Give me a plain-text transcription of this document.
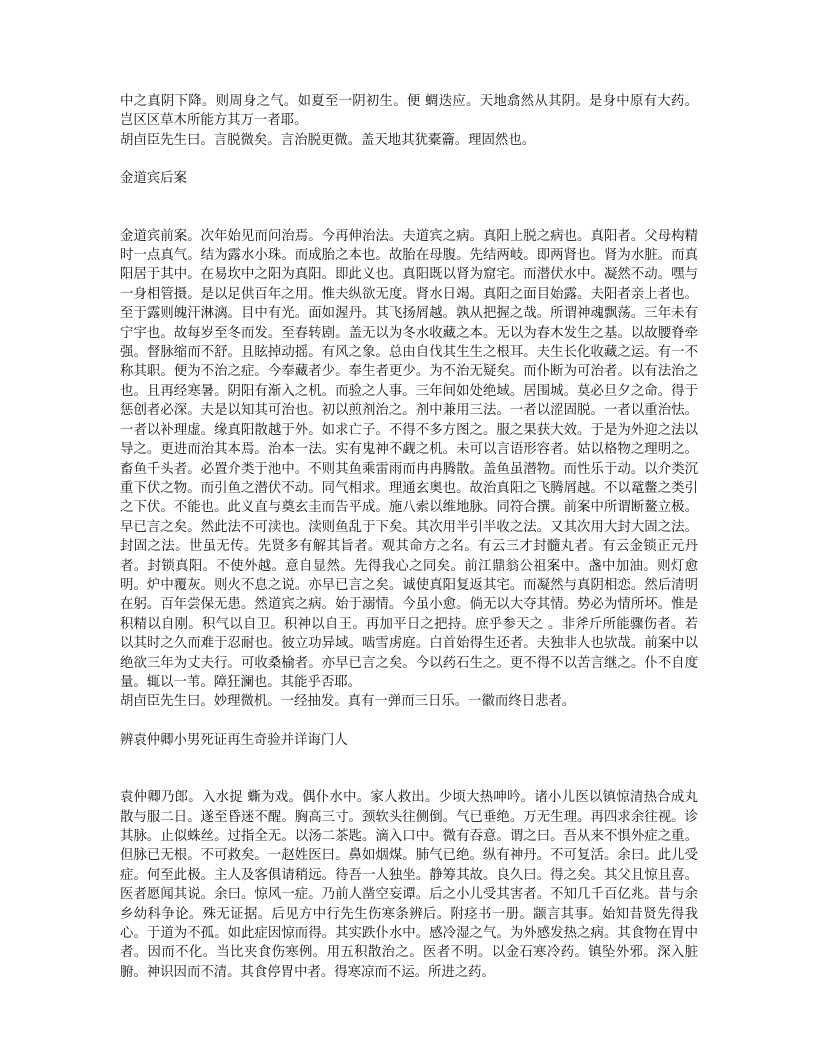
中之真阴下降。则周身之气。如夏至一阴初生。便 蜩迭应。天地翕然从其阴。是身中原有大药。岂区区草木所能方其万一者耶。

胡卣臣先生曰。言脱微矣。言治脱更微。盖天地其犹橐籥。理固然也。

金道宾后案

金道宾前案。次年始见而问治焉。今再伸治法。夫道宾之病。真阳上脱之病也。真阳者。父母构精时一点真气。结为露水小珠。而成胎之本也。故胎在母腹。先结两岐。即两肾也。肾为水脏。而真阳居于其中。在易坎中之阳为真阳。即此义也。真阳既以肾为窟宅。而潜伏水中。凝然不动。嘿与一身相管摄。是以足供百年之用。惟夫纵欲无度。肾水日竭。真阳之面目始露。夫阳者亲上者也。至于露则魄汗淋漓。目中有光。面如渥丹。其飞扬屑越。孰从把握之哉。所谓神魂飘荡。三年未有宁宇也。故每岁至冬而发。至春转剧。盖无以为冬水收藏之本。无以为春木发生之基。以故腰脊牵强。督脉缩而不舒。且眩掉动摇。有风之象。总由自伐其生生之根耳。夫生长化收藏之运。有一不称其职。便为不治之症。今奉藏者少。奉生者更少。为不治无疑矣。而仆断为可治者。以有法治之也。且再经寒暑。阴阳有渐入之机。而验之人事。三年间如处绝域。居围城。莫必旦夕之命。得于惩创者必深。夫是以知其可治也。初以煎剂治之。剂中兼用三法。一者以涩固脱。一者以重治怯。一者以补理虚。缘真阳散越于外。如求亡子。不得不多方图之。服之果获大效。于是为外迎之法以导之。更进而治其本焉。治本一法。实有鬼神不觑之机。未可以言语形容者。姑以格物之理明之。畜鱼千头者。必置介类于池中。不则其鱼乘雷雨而冉冉腾散。盖鱼虽潜物。而性乐于动。以介类沉重下伏之物。而引鱼之潜伏不动。同气相求。理通玄奥也。故治真阳之飞腾屑越。不以鼋鳖之类引之下伏。不能也。此义直与奠玄圭而告平成。施八索以维地脉。同符合撰。前案中所谓断鳌立极。早已言之矣。然此法不可渎也。渎则鱼乱于下矣。其次用半引半收之法。又其次用大封大固之法。封固之法。世虽无传。先贤多有解其旨者。观其命方之名。有云三才封髓丸者。有云金锁正元丹者。封锁真阳。不使外越。意自显然。先得我心之同矣。前江鼎翁公祖案中。盏中加油。则灯愈明。炉中覆灰。则火不息之说。亦早已言之矣。诚使真阳复返其宅。而凝然与真阴相恋。然后清明在躬。百年尝保无患。然道宾之病。始于溺情。今虽小愈。倘无以大夺其情。势必为情所坏。惟是积精以自刚。积气以自卫。积神以自王。再加平日之把持。庶乎参天之 。非斧斤所能骤伤者。若以其时之久而难于忍耐也。彼立功异域。啮雪虏庭。白首始得生还者。夫独非人也欤哉。前案中以绝欲三年为丈夫行。可收桑榆者。亦早已言之矣。今以药石生之。更不得不以苦言继之。仆不自度量。辄以一苇。障狂澜也。其能乎否耶。

胡卣臣先生曰。妙理微机。一经抽发。真有一弹而三日乐。一徽而终日悲者。

辨袁仲卿小男死证再生奇验并详诲门人

袁仲卿乃郎。入水捉 蟖为戏。偶仆水中。家人救出。少顷大热呻吟。诸小儿医以镇惊清热合成丸散与服二日。遂至昏迷不醒。胸高三寸。颈软头往侧倒。气已垂绝。万无生理。再四求余往视。诊其脉。止似蛛丝。过指全无。以汤二茶匙。滴入口中。微有吞意。谓之曰。吾从来不惧外症之重。但脉已无根。不可救矣。一赵姓医曰。鼻如烟煤。肺气已绝。纵有神丹。不可复活。余曰。此儿受症。何至此极。主人及客俱请稍远。待吾一人独坐。静筹其故。良久曰。得之矣。其父且惊且喜。医者愿闻其说。余曰。惊风一症。乃前人凿空妄谭。后之小儿受其害者。不知几千百亿兆。昔与余乡幼科争论。殊无证据。后见方中行先生伤寒条辨后。附痉书一册。颛言其事。始知昔贤先得我心。于道为不孤。如此症因惊而得。其实跌仆水中。感冷湿之气。为外感发热之病。其食物在胃中者。因而不化。当比夹食伤寒例。用五积散治之。医者不明。以金石寒冷药。镇坠外邪。深入脏腑。神识因而不清。其食停胃中者。得寒凉而不运。所进之药。
